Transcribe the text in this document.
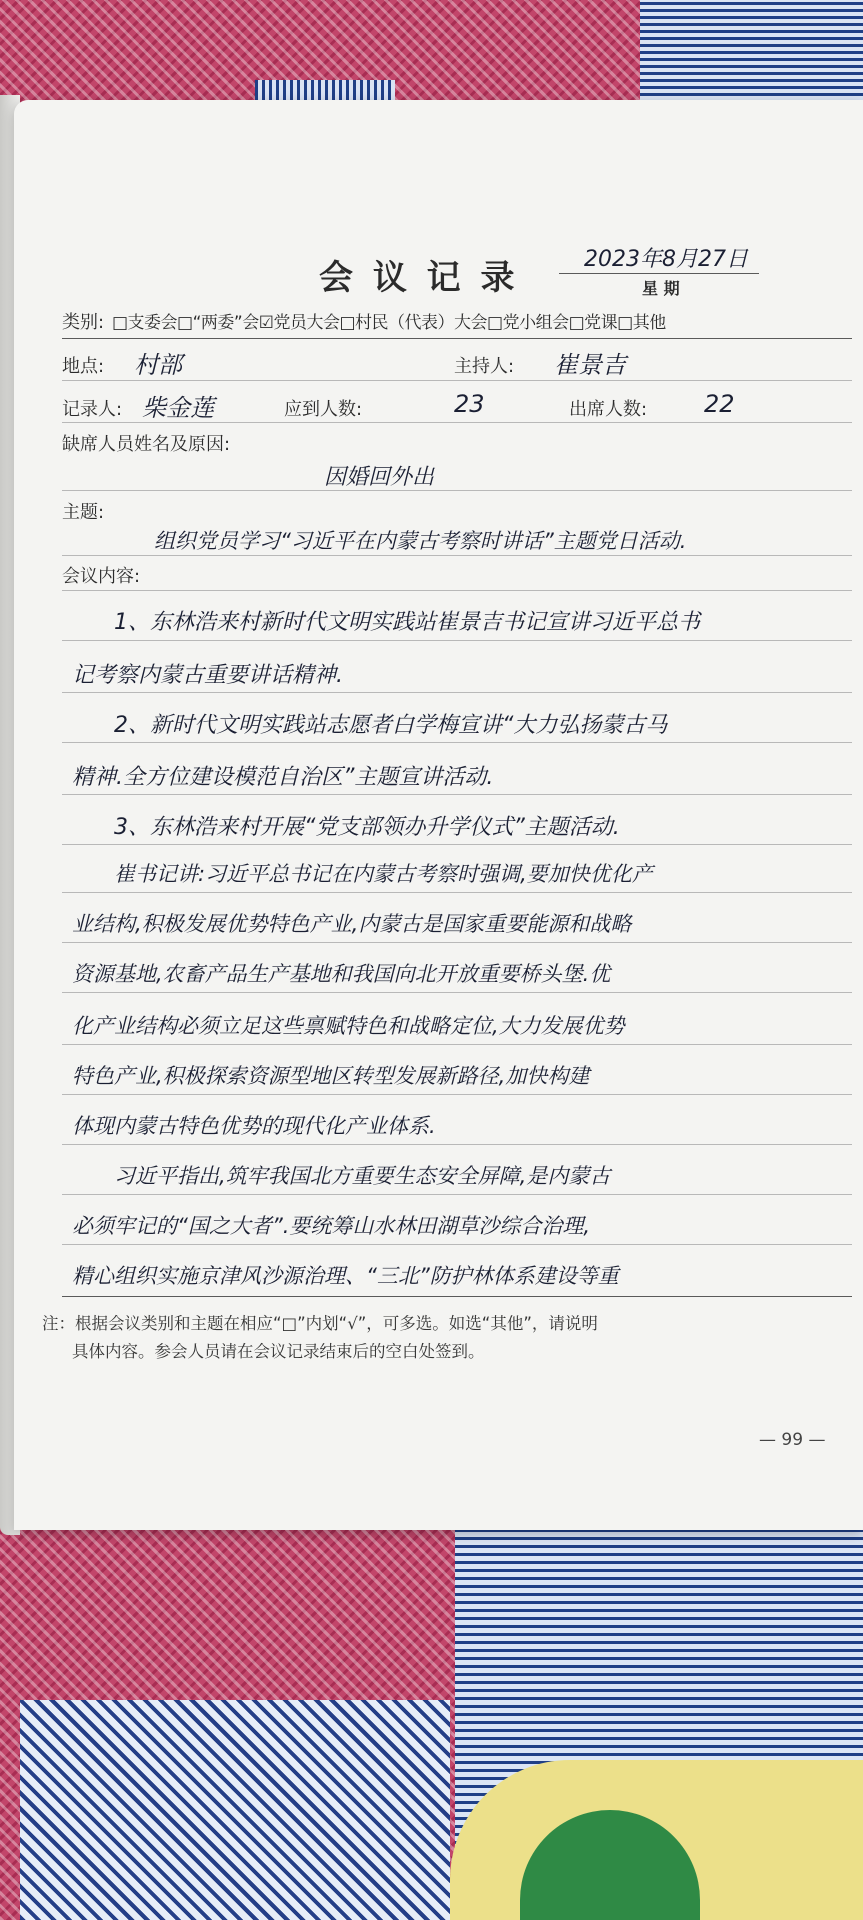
会 议 记 录	2023年8月27日
星 期
类别: □支委会□“两委”会☑党员大会□村民（代表）大会□党小组会□党课□其他
地点: 村部	主持人: 崔景吉
记录人: 柴金莲	应到人数:	23	出席人数: 22
缺席人员姓名及原因:
因婚回外出
主题:
组织党员学习“习近平在内蒙古考察时讲话”主题党日活动.
会议内容:
1、东林浩来村新时代文明实践站崔景吉书记宣讲习近平总书
记考察内蒙古重要讲话精神.
2、新时代文明实践站志愿者白学梅宣讲“大力弘扬蒙古马
精神.全方位建设模范自治区”主题宣讲活动.
3、东林浩来村开展“党支部领办升学仪式”主题活动.
崔书记讲:习近平总书记在内蒙古考察时强调,要加快优化产
业结构,积极发展优势特色产业,内蒙古是国家重要能源和战略
资源基地,农畜产品生产基地和我国向北开放重要桥头堡.优
化产业结构必须立足这些禀赋特色和战略定位,大力发展优势
特色产业,积极探索资源型地区转型发展新路径,加快构建
体现内蒙古特色优势的现代化产业体系.
习近平指出,筑牢我国北方重要生态安全屏障,是内蒙古
必须牢记的“国之大者”.要统筹山水林田湖草沙综合治理,
精心组织实施京津风沙源治理、“三北”防护林体系建设等重
注：根据会议类别和主题在相应“□”内划“√”，可多选。如选“其他”，请说明
具体内容。参会人员请在会议记录结束后的空白处签到。
— 99 —
